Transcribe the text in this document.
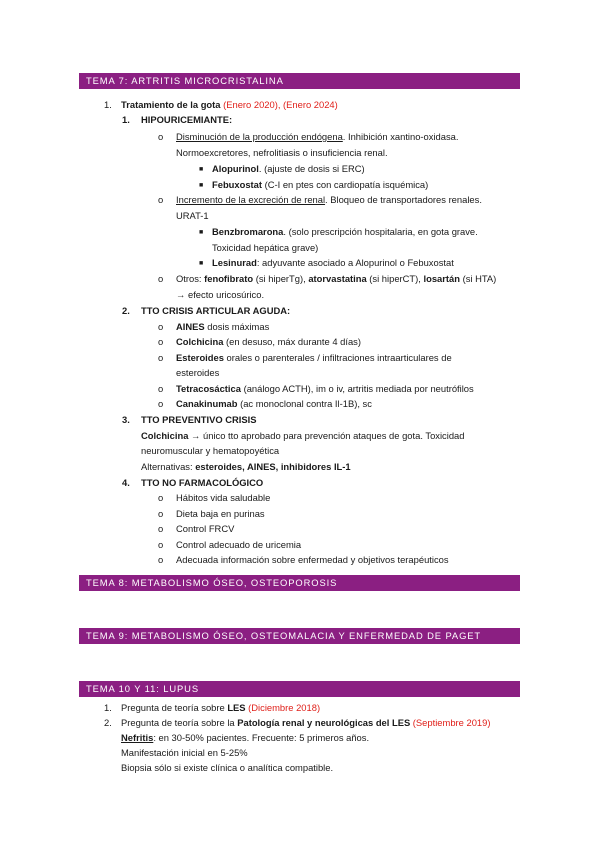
TEMA 7: ARTRITIS MICROCRISTALINA
1. Tratamiento de la gota (Enero 2020), (Enero 2024)
1. HIPOURICEMIANTE:
o Disminución de la producción endógena. Inhibición xantino-oxidasa.
Normoexcretores, nefrolitiasis o insuficiencia renal.
■ Alopurinol. (ajuste de dosis si ERC)
■ Febuxostat (C-I en ptes con cardiopatía isquémica)
o Incremento de la excreción de renal. Bloqueo de transportadores renales.
URAT-1
■ Benzbromarona. (solo prescripción hospitalaria, en gota grave.
Toxicidad hepática grave)
■ Lesinurad: adyuvante asociado a Alopurinol o Febuxostat
o Otros: fenofibrato (si hiperTg), atorvastatina (si hiperCT), losartán (si HTA)
→ efecto uricosúrico.
2. TTO CRISIS ARTICULAR AGUDA:
o AINES dosis máximas
o Colchicina (en desuso, máx durante 4 días)
o Esteroides orales o parenterales / infiltraciones intraarticulares de
esteroides
o Tetracosáctica (análogo ACTH), im o iv, artritis mediada por neutrófilos
o Canakinumab (ac monoclonal contra Il-1B), sc
3. TTO PREVENTIVO CRISIS
Colchicina → único tto aprobado para prevención ataques de gota. Toxicidad
neuromuscular y hematopoyética
Alternativas: esteroides, AINES, inhibidores IL-1
4. TTO NO FARMACOLÓGICO
o Hábitos vida saludable
o Dieta baja en purinas
o Control FRCV
o Control adecuado de uricemia
o Adecuada información sobre enfermedad y objetivos terapéuticos
TEMA 8: METABOLISMO ÓSEO, OSTEOPOROSIS
TEMA 9: METABOLISMO ÓSEO, OSTEOMALACIA Y ENFERMEDAD DE PAGET
TEMA 10 Y 11: LUPUS
1. Pregunta de teoría sobre LES (Diciembre 2018)
2. Pregunta de teoría sobre la Patología renal y neurológicas del LES (Septiembre 2019)
Nefritis: en 30-50% pacientes. Frecuente: 5 primeros años.
Manifestación inicial en 5-25%
Biopsia sólo si existe clínica o analítica compatible.
